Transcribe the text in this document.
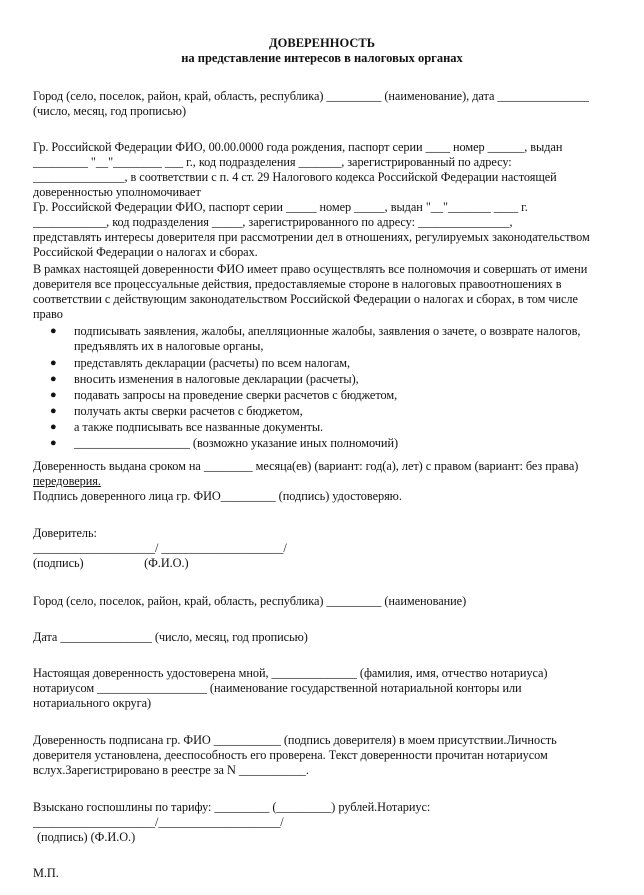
ДОВЕРЕННОСТЬ
на представление интересов в налоговых органах
Город (село, поселок, район, край, область, республика) _________ (наименование), дата _______________
(число, месяц, год прописью)
Гр. Российской Федерации ФИО, 00.00.0000 года рождения, паспорт серии ____ номер ______, выдан
_________ "__"________ ___ г., код подразделения _______, зарегистрированный по адресу:
_______________, в соответствии с п. 4 ст. 29 Налогового кодекса Российской Федерации настоящей
доверенностью уполномочивает
Гр. Российской Федерации ФИО, паспорт серии _____ номер _____, выдан "__"_______ ____ г.
____________, код подразделения _____, зарегистрированного по адресу: _______________,
представлять интересы доверителя при рассмотрении дел в отношениях, регулируемых законодательством
Российской Федерации о налогах и сборах.
В рамках настоящей доверенности ФИО имеет право осуществлять все полномочия и совершать от имени
доверителя все процессуальные действия, предоставляемые стороне в налоговых правоотношениях в
соответствии с действующим законодательством Российской Федерации о налогах и сборах, в том числе
право
● подписывать заявления, жалобы, апелляционные жалобы, заявления о зачете, о возврате налогов,
предъявлять их в налоговые органы,
● представлять декларации (расчеты) по всем налогам,
● вносить изменения в налоговые декларации (расчеты),
● подавать запросы на проведение сверки расчетов с бюджетом,
● получать акты сверки расчетов с бюджетом,
● а также подписывать все названные документы.
● ___________________ (возможно указание иных полномочий)
Доверенность выдана сроком на ________ месяца(ев) (вариант: год(а), лет) с правом (вариант: без права)
передоверия.
Подпись доверенного лица гр. ФИО_________ (подпись) удостоверяю.
Доверитель:
____________________/ ____________________/
(подпись)                    (Ф.И.О.)
Город (село, поселок, район, край, область, республика) _________ (наименование)
Дата _______________ (число, месяц, год прописью)
Настоящая доверенность удостоверена мной, ______________ (фамилия, имя, отчество нотариуса)
нотариусом __________________ (наименование государственной нотариальной конторы или
нотариального округа)
Доверенность подписана гр. ФИО ___________ (подпись доверителя) в моем присутствии.Личность
доверителя установлена, дееспособность его проверена. Текст доверенности прочитан нотариусом
вслух.Зарегистрировано в реестре за N ___________.
Взыскано госпошлины по тарифу: _________ (_________) рублей.Нотариус:
____________________/____________________/
(подпись) (Ф.И.О.)
М.П.
